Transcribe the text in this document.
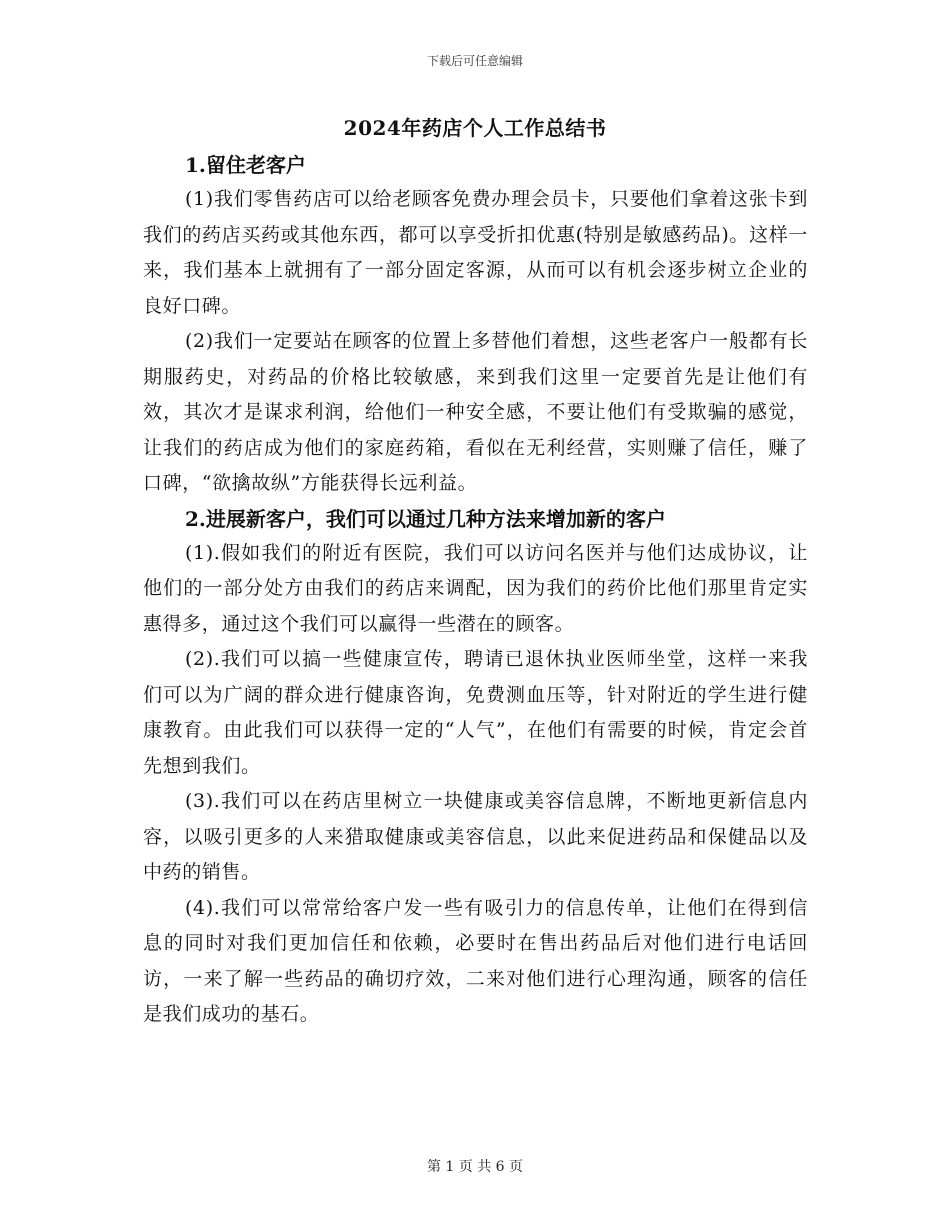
下载后可任意编辑
2024年药店个人工作总结书

1.留住老客户

(1)我们零售药店可以给老顾客免费办理会员卡，只要他们拿着这张卡到我们的药店买药或其他东西，都可以享受折扣优惠(特别是敏感药品)。这样一来，我们基本上就拥有了一部分固定客源，从而可以有机会逐步树立企业的良好口碑。

(2)我们一定要站在顾客的位置上多替他们着想，这些老客户一般都有长期服药史，对药品的价格比较敏感，来到我们这里一定要首先是让他们有效，其次才是谋求利润，给他们一种安全感，不要让他们有受欺骗的感觉，让我们的药店成为他们的家庭药箱，看似在无利经营，实则赚了信任，赚了口碑，“欲擒故纵”方能获得长远利益。

2.进展新客户，我们可以通过几种方法来增加新的客户

(1).假如我们的附近有医院，我们可以访问名医并与他们达成协议，让他们的一部分处方由我们的药店来调配，因为我们的药价比他们那里肯定实惠得多，通过这个我们可以赢得一些潜在的顾客。

(2).我们可以搞一些健康宣传，聘请已退休执业医师坐堂，这样一来我们可以为广阔的群众进行健康咨询，免费测血压等，针对附近的学生进行健康教育。由此我们可以获得一定的“人气”，在他们有需要的时候，肯定会首先想到我们。

(3).我们可以在药店里树立一块健康或美容信息牌，不断地更新信息内容，以吸引更多的人来猎取健康或美容信息，以此来促进药品和保健品以及中药的销售。

(4).我们可以常常给客户发一些有吸引力的信息传单，让他们在得到信息的同时对我们更加信任和依赖，必要时在售出药品后对他们进行电话回访，一来了解一些药品的确切疗效，二来对他们进行心理沟通，顾客的信任是我们成功的基石。

第 1 页 共 6 页
